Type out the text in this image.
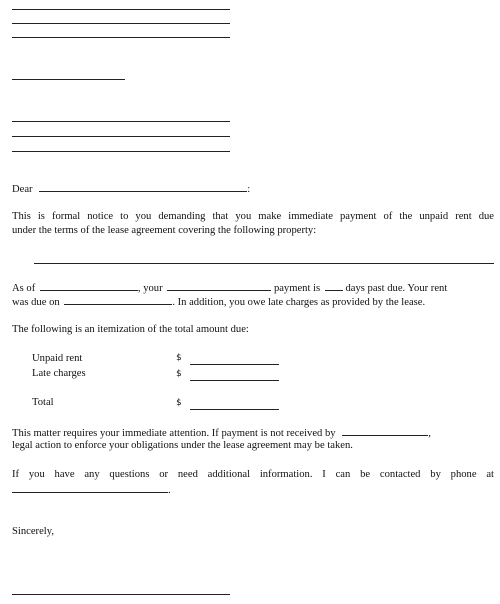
Dear	:
This is formal notice to you demanding that you make immediate payment of the unpaid rent due
under the terms of the lease agreement covering the following property:
As of	, your	payment is days past due. Your rent
was due on	. In addition, you owe late charges as provided by the lease.
The following is an itemization of the total amount due:
Unpaid rent	$
Late charges	$
Total	$
This matter requires your immediate attention. If payment is not received by	,
legal action to enforce your obligations under the lease agreement may be taken.
If you have any questions or need additional information. I can be contacted by phone at
.
Sincerely,
